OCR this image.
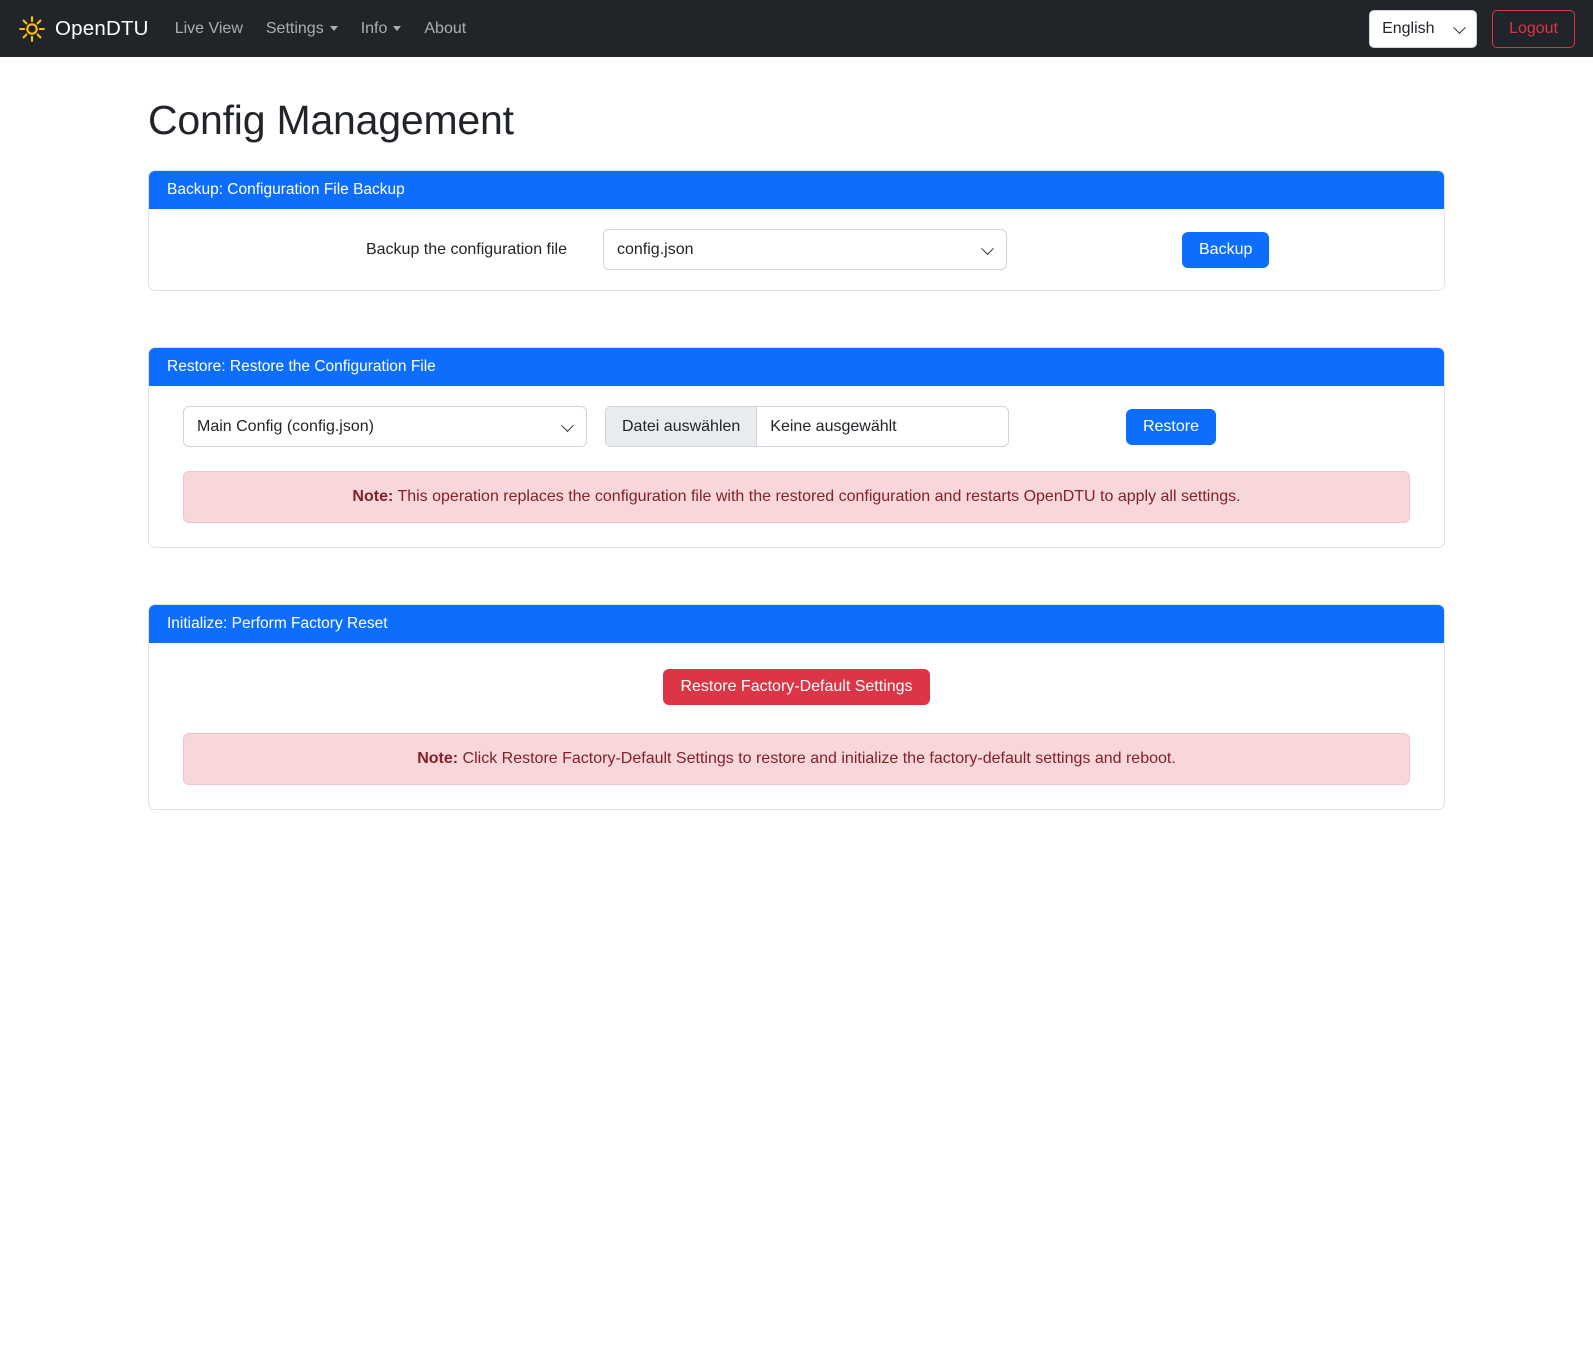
OpenDTU Live View Settings Info About	English	Logout
Config Management
Backup: Configuration File Backup
Backup the configuration file	config.json	Backup
Restore: Restore the Configuration File
Main Config (config.json)	Datei auswählen	Keine ausgewählt	Restore
Note: This operation replaces the configuration file with the restored configuration and restarts OpenDTU to apply all settings.
Initialize: Perform Factory Reset
Restore Factory-Default Settings
Note: Click Restore Factory-Default Settings to restore and initialize the factory-default settings and reboot.
